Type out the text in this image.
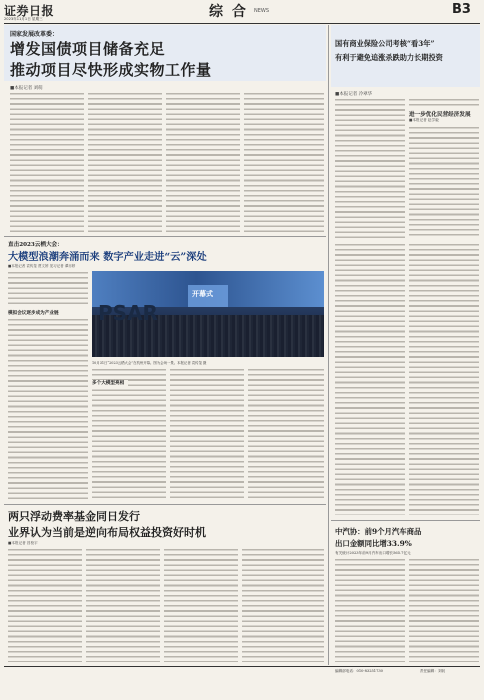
证券日报
2023年11月1日 星期三	综 合 NEWS	B3
国家发展改革委：
增发国债项目储备充足
推动项目尽快形成实物工作量
■本报记者 刘萌
国有商业保险公司考核“看3年”
有利于避免追涨杀跌助力长期投资
■本报记者 冷翠华
进一步优化民营经济发展
■本报记者 赵学毅
中汽协：前9个月汽车商品
出口金额同比增33.9%
有关统计2023年前9月汽车出口增长565.7亿元
直击2023云栖大会：
大模型浪潮奔涌而来 数字产业走进“云”深处
■本报记者 袁传玺 贾文婷 见习记者 谭亦婷
模拟会议逐步成为产业链
开幕式
PSAR
10月31日“2023云栖大会”在杭州开幕。图为会场一景。本报记者 袁传玺 摄
多个大模型亮相
两只浮动费率基金同日发行
业界认为当前是逆向布局权益投资好时机
■本报记者 昌校宇
编辑部电话：010-83251730	责任编辑：刘钊
